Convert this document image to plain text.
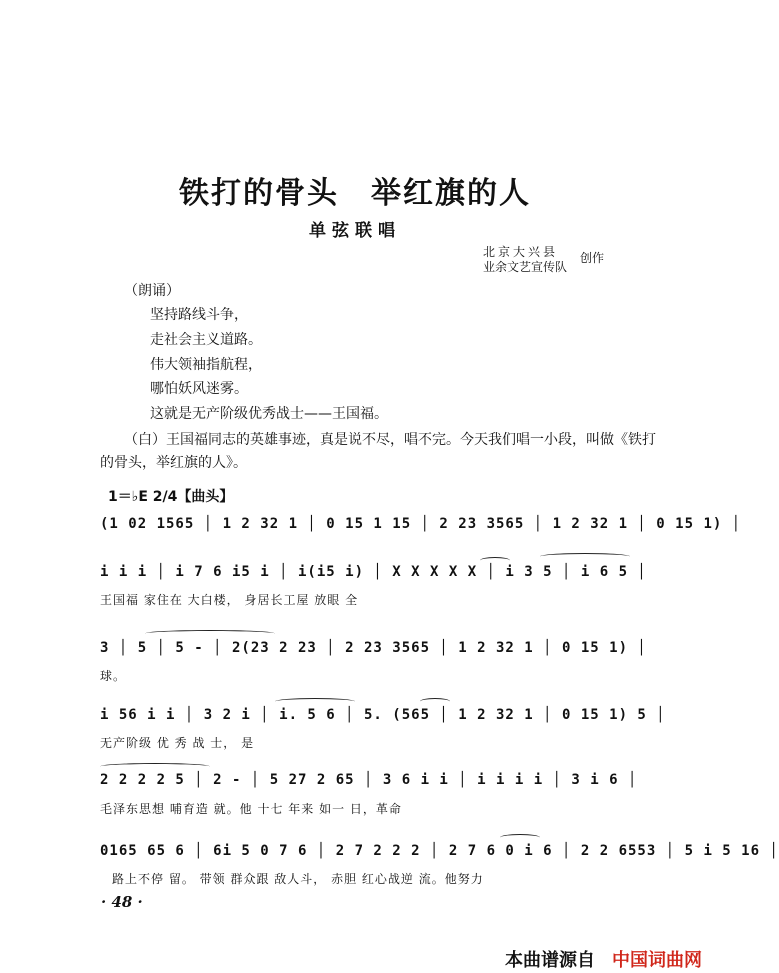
铁打的骨头　举红旗的人
单弦联唱
北京大兴县
业余文艺宣传队
创作
（朗诵）
坚持路线斗争，
走社会主义道路。
伟大领袖指航程，
哪怕妖风迷雾。
这就是无产阶级优秀战士——王国福。
（白）王国福同志的英雄事迹，真是说不尽，唱不完。今天我们唱一小段，叫做《铁打
的骨头，举红旗的人》。
1＝♭E 2/4【曲头】
(1 02 1565 │ 1 2 32 1 │ 0 15 1 15 │ 2 23 3565 │ 1 2 32 1 │ 0 15 1) │
i i i │ i 7 6 i5 i │ i(i5 i) │ X X X X X │ i 3 5 │ i 6 5 │
王国福 家住在 大白楼， 身居长工屋 放眼 全
3 │ 5 │ 5 - │ 2(23 2 23 │ 2 23 3565 │ 1 2 32 1 │ 0 15 1) │
球。
i 56 i i │ 3 2 i │ i. 5 6 │ 5. (565 │ 1 2 32 1 │ 0 15 1) 5 │
无产阶级 优 秀 战 士， 是
2 2 2 2 5 │ 2 - │ 5 27 2 65 │ 3 6 i i │ i i i i │ 3 i 6 │
毛泽东思想 哺育造 就。他 十七 年来 如一 日，革命
0165 65 6 │ 6i 5 0 7 6 │ 2 7 2 2 2 │ 2 7 6 0 i 6 │ 2 2 6553 │ 5 i 5 16 │
路上不停 留。 带领 群众跟 敌人斗， 赤胆 红心战逆 流。他努力
· 48 ·
本曲谱源自 中国词曲网
